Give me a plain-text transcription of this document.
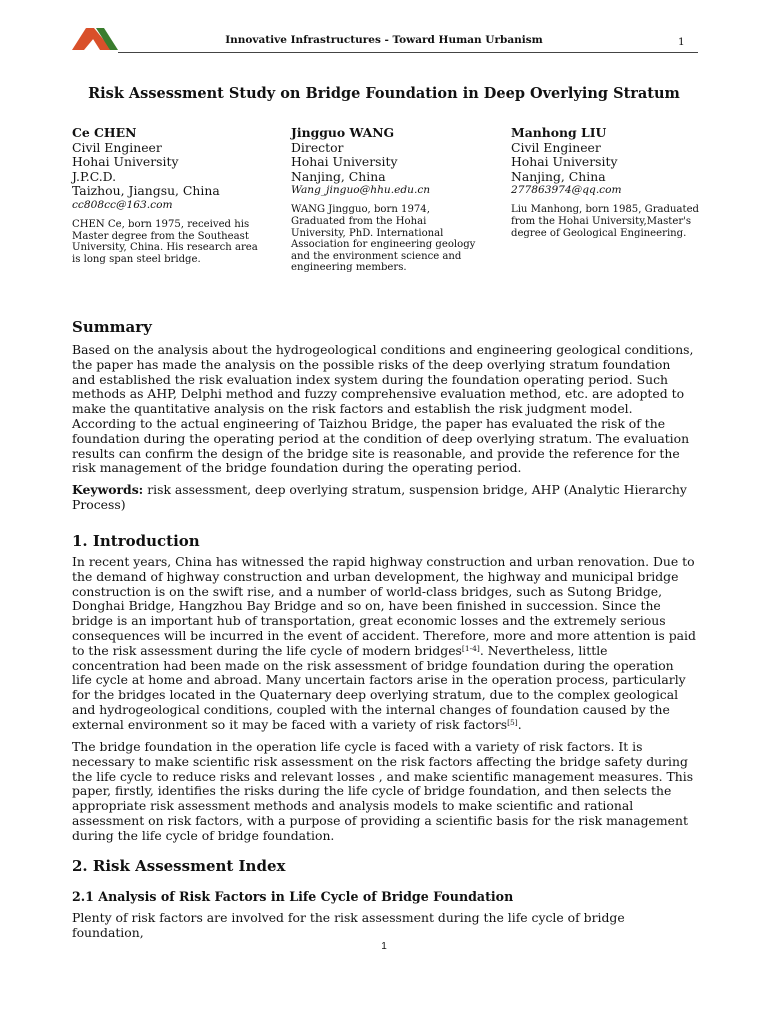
Innovative Infrastructures - Toward Human Urbanism	1
Risk Assessment Study on Bridge Foundation in Deep Overlying Stratum
Ce CHEN
Civil Engineer
Hohai University
J.P.C.D.
Taizhou, Jiangsu, China
cc808cc@163.com
CHEN Ce, born 1975, received his Master degree from the Southeast University, China. His research area is long span steel bridge.
Jingguo WANG
Director
Hohai University
Nanjing, China
Wang_jinguo@hhu.edu.cn
WANG Jingguo, born 1974, Graduated from the Hohai University, PhD. International Association for engineering geology and the environment science and engineering members.
Manhong LIU
Civil Engineer
Hohai University
Nanjing, China
277863974@qq.com
Liu Manhong, born 1985, Graduated from the Hohai University,Master's degree of Geological Engineering.
Summary
Based on the analysis about the hydrogeological conditions and engineering geological conditions, the paper has made the analysis on the possible risks of the deep overlying stratum foundation and established the risk evaluation index system during the foundation operating period. Such methods as AHP, Delphi method and fuzzy comprehensive evaluation method, etc. are adopted to make the quantitative analysis on the risk factors and establish the risk judgment model. According to the actual engineering of Taizhou Bridge, the paper has evaluated the risk of the foundation during the operating period at the condition of deep overlying stratum. The evaluation results can confirm the design of the bridge site is reasonable, and provide the reference for the risk management of the bridge foundation during the operating period.
Keywords: risk assessment, deep overlying stratum, suspension bridge, AHP (Analytic Hierarchy Process)
1. Introduction
In recent years, China has witnessed the rapid highway construction and urban renovation. Due to the demand of highway construction and urban development, the highway and municipal bridge construction is on the swift rise, and a number of world-class bridges, such as Sutong Bridge, Donghai Bridge, Hangzhou Bay Bridge and so on, have been finished in succession. Since the bridge is an important hub of transportation, great economic losses and the extremely serious consequences will be incurred in the event of accident. Therefore, more and more attention is paid to the risk assessment during the life cycle of modern bridges[1-4]. Nevertheless, little concentration had been made on the risk assessment of bridge foundation during the operation life cycle at home and abroad. Many uncertain factors arise in the operation process, particularly for the bridges located in the Quaternary deep overlying stratum, due to the complex geological and hydrogeological conditions, coupled with the internal changes of foundation caused by the external environment so it may be faced with a variety of risk factors[5].
The bridge foundation in the operation life cycle is faced with a variety of risk factors. It is necessary to make scientific risk assessment on the risk factors affecting the bridge safety during the life cycle to reduce risks and relevant losses , and make scientific management measures. This paper, firstly, identifies the risks during the life cycle of bridge foundation, and then selects the appropriate risk assessment methods and analysis models to make scientific and rational assessment on risk factors, with a purpose of providing a scientific basis for the risk management during the life cycle of bridge foundation.
2. Risk Assessment Index
2.1 Analysis of Risk Factors in Life Cycle of Bridge Foundation
Plenty of risk factors are involved for the risk assessment during the life cycle of bridge foundation,
1
